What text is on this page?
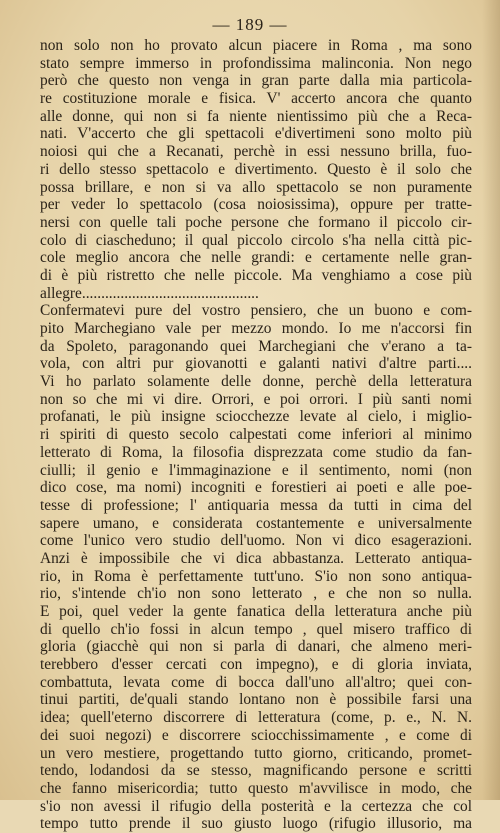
— 189 —
non solo non ho provato alcun piacere in Roma , ma sono
stato sempre immerso in profondissima malinconia. Non nego
però che questo non venga in gran parte dalla mia particola-
re costituzione morale e fisica. V' accerto ancora che quanto
alle donne, qui non si fa niente nientissimo più che a Reca-
nati. V'accerto che gli spettacoli e'divertimeni sono molto più
noiosi qui che a Recanati, perchè in essi nessuno brilla, fuo-
ri dello stesso spettacolo e divertimento. Questo è il solo che
possa brillare, e non si va allo spettacolo se non puramente
per veder lo spettacolo (cosa noiosissima), oppure per tratte-
nersi con quelle tali poche persone che formano il piccolo cir-
colo di ciascheduno; il qual piccolo circolo s'ha nella città pic-
cole meglio ancora che nelle grandi: e certamente nelle gran-
di è più ristretto che nelle piccole. Ma venghiamo a cose più
allegre..............................................
Confermatevi pure del vostro pensiero, che un buono e com-
pito Marchegiano vale per mezzo mondo. Io me n'accorsi fin
da Spoleto, paragonando quei Marchegiani che v'erano a ta-
vola, con altri pur giovanotti e galanti nativi d'altre parti....
Vi ho parlato solamente delle donne, perchè della letteratura
non so che mi vi dire. Orrori, e poi orrori. I più santi nomi
profanati, le più insigne sciocchezze levate al cielo, i miglio-
ri spiriti di questo secolo calpestati come inferiori al minimo
letterato di Roma, la filosofia disprezzata come studio da fan-
ciulli; il genio e l'immaginazione e il sentimento, nomi (non
dico cose, ma nomi) incogniti e forestieri ai poeti e alle poe-
tesse di professione; l' antiquaria messa da tutti in cima del
sapere umano, e considerata costantemente e universalmente
come l'unico vero studio dell'uomo. Non vi dico esagerazioni.
Anzi è impossibile che vi dica abbastanza. Letterato antiqua-
rio, in Roma è perfettamente tutt'uno. S'io non sono antiqua-
rio, s'intende ch'io non sono letterato , e che non so nulla.
E poi, quel veder la gente fanatica della letteratura anche più
di quello ch'io fossi in alcun tempo , quel misero traffico di
gloria (giacchè qui non si parla di danari, che almeno meri-
terebbero d'esser cercati con impegno), e di gloria inviata,
combattuta, levata come di bocca dall'uno all'altro; quei con-
tinui partiti, de'quali stando lontano non è possibile farsi una
idea; quell'eterno discorrere di letteratura (come, p. e., N. N.
dei suoi negozi) e discorrere sciocchissimamente , e come di
un vero mestiere, progettando tutto giorno, criticando, promet-
tendo, lodandosi da se stesso, magnificando persone e scritti
che fanno misericordia; tutto questo m'avvilisce in modo, che
s'io non avessi il rifugio della posterità e la certezza che col
tempo tutto prende il suo giusto luogo (rifugio illusorio, ma
